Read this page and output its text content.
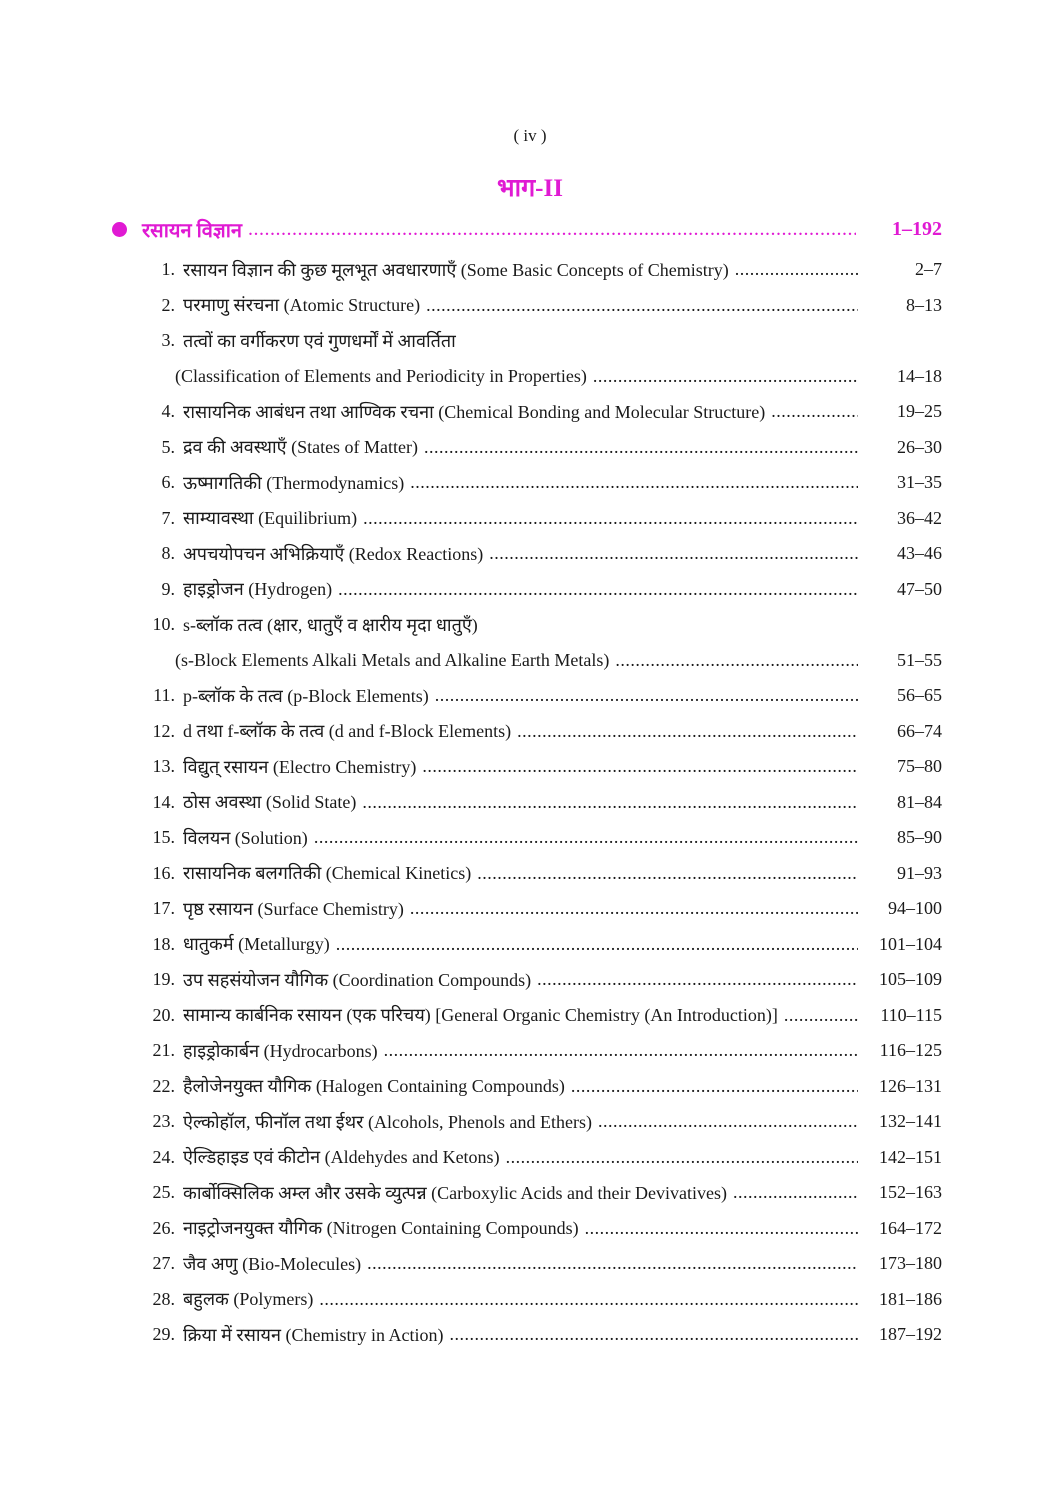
( iv )
भाग-II
रसायन विज्ञान .....	1–192
1. रसायन विज्ञान की कुछ मूलभूत अवधारणाएँ (Some Basic Concepts of Chemistry) .....	2–7
2. परमाणु संरचना (Atomic Structure) .....	8–13
3. तत्वों का वर्गीकरण एवं गुणधर्मों में आवर्तिता
(Classification of Elements and Periodicity in Properties) .....	14–18
4. रासायनिक आबंधन तथा आण्विक रचना (Chemical Bonding and Molecular Structure) .....	19–25
5. द्रव की अवस्थाएँ (States of Matter) .....	26–30
6. ऊष्मागतिकी (Thermodynamics) .....	31–35
7. साम्यावस्था (Equilibrium) .....	36–42
8. अपचयोपचन अभिक्रियाएँ (Redox Reactions) .....	43–46
9. हाइड्रोजन (Hydrogen) .....	47–50
10. s-ब्लॉक तत्व (क्षार, धातुएँ व क्षारीय मृदा धातुएँ)
(s-Block Elements Alkali Metals and Alkaline Earth Metals) .....	51–55
11. p-ब्लॉक के तत्व (p-Block Elements) .....	56–65
12. d तथा f-ब्लॉक के तत्व (d and f-Block Elements) .....	66–74
13. विद्युत् रसायन (Electro Chemistry) .....	75–80
14. ठोस अवस्था (Solid State) .....	81–84
15. विलयन (Solution) .....	85–90
16. रासायनिक बलगतिकी (Chemical Kinetics) .....	91–93
17. पृष्ठ रसायन (Surface Chemistry) .....	94–100
18. धातुकर्म (Metallurgy) .....	101–104
19. उप सहसंयोजन यौगिक (Coordination Compounds) .....	105–109
20. सामान्य कार्बनिक रसायन (एक परिचय) [General Organic Chemistry (An Introduction)] .....	110–115
21. हाइड्रोकार्बन (Hydrocarbons) .....	116–125
22. हैलोजेनयुक्त यौगिक (Halogen Containing Compounds) .....	126–131
23. ऐल्कोहॉल, फीनॉल तथा ईथर (Alcohols, Phenols and Ethers) .....	132–141
24. ऐल्डिहाइड एवं कीटोन (Aldehydes and Ketons) .....	142–151
25. कार्बोक्सिलिक अम्ल और उसके व्युत्पन्न (Carboxylic Acids and their Devivatives) .....	152–163
26. नाइट्रोजनयुक्त यौगिक (Nitrogen Containing Compounds) .....	164–172
27. जैव अणु (Bio-Molecules) .....	173–180
28. बहुलक (Polymers) .....	181–186
29. क्रिया में रसायन (Chemistry in Action) .....	187–192
